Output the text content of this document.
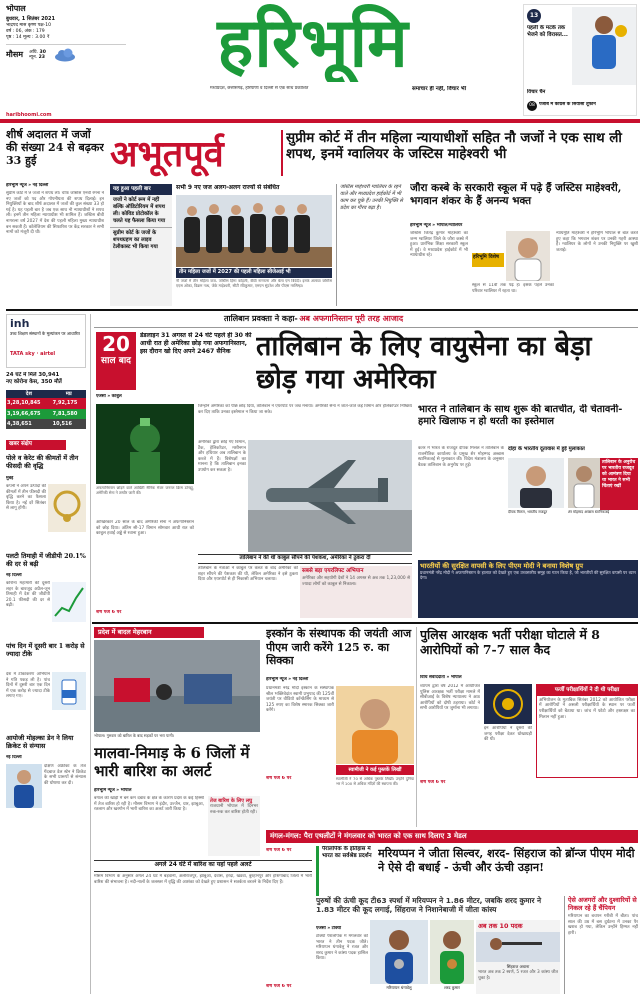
भोपाल
बुधवार, 1 सितंबर 2021
भाद्रपद मास कृष्ण पक्ष-10
वर्ष : 06, अंक : 179
पृष्ठ : 14 मूल्य : 3.00 ₹
मौसम अधि. 30
न्यून. 23	हरिभूमि
मध्यप्रदेश, छत्तीसगढ़, हरियाणा व दिल्ली से एक साथ प्रकाशित	समाचार ही नहीं, विचार भी
13
पहली के मटके तक भेजने को विरासत...
विचार चैन
08 पंजाब में कांग्रेस के सियासी तूफान
haribhoomi.com
शीर्ष अदालत में जजों की संख्या 24 से बढ़कर 33 हुई
हरिभूमि न्यूज » नई दिल्ली
सुप्रीम कोर्ट में 9 जजों ने शपथ ली। चीफ जस्टिस एनवी रमना ने नए जजों को पद और गोपनीयता की शपथ दिलाई। इन नियुक्तियों के बाद शीर्ष अदालत में जजों की कुल संख्या 33 हो गई है। यह पहली बार है जब एक साथ नौ न्यायाधीशों ने शपथ ली। इनमें तीन महिला न्यायाधीश भी शामिल हैं। जस्टिस बीवी नागरत्ना वर्ष 2027 में देश की पहली महिला मुख्य न्यायाधीश बन सकती हैं। कॉलेजियम की सिफारिश पर केंद्र सरकार ने सभी नामों को मंजूरी दी थी।
अभूतपूर्व	सुप्रीम कोर्ट में तीन महिला न्यायाधीशों सहित नौ जजों ने एक साथ ली शपथ, इनमें ग्वालियर के जस्टिस माहेश्वरी भी
यह हुआ पहली बार
जजों ने कोर्ट रूम में नहीं बल्कि ऑडिटोरियम में शपथ ली। कोविड प्रोटोकॉल के चलते यह फैसला किया गया
सुप्रीम कोर्ट के जजों के शपथग्रहण का लाइव टेलीकास्ट भी किया गया
सभी 9 नए जज अलग-अलग राज्यों से संबंधित
तीन महिला जजों में 2027 की पहली महिला सीजेआई भी
नौ जजों में तीन महिला जज- जस्टिस हिमा कोहली, बीवी नागरत्ना और बेला एम त्रिवेदी। इनके अलावा जस्टिस एएस ओका, विक्रम नाथ, जेके माहेश्वरी, सीटी रविकुमार, एमएम सुंदरेश और पीएस नरसिम्हा।
जस्टिस माहेश्वरी ग्वालियर के रहने वाले और मध्यप्रदेश हाईकोर्ट में भी काम कर चुके हैं। उनकी नियुक्ति से प्रदेश का गौरव बढ़ा है।
जौरा कस्बे के सरकारी स्कूल में पढ़े हैं जस्टिस माहेश्वरी, भगवान शंकर के हैं अनन्य भक्त
हरिभूमि न्यूज » भोपाल/ग्वालियर
जस्टिस जितेंद्र कुमार माहेश्वरी का जन्म ग्वालियर जिले के जौरा कस्बे में हुआ। प्रारंभिक शिक्षा सरकारी स्कूल में हुई। वे मध्यप्रदेश हाईकोर्ट में भी न्यायाधीश रहे।	हरिभूमि विशेष
न्यायमूर्ति माहेश्वरी ने हरिभूमि भोपाल से बात करते हुए कहा कि भगवान शंकर पर उनकी गहरी आस्था है। ग्वालियर के लोगों ने उनकी नियुक्ति पर खुशी जताई।
स्कूल से 11वीं तक पढ़े हैं। इसके पहले उनका परिवार ग्वालियर में रहता था।
inh
उच्च शिक्षण संस्थानों के मूल्यांकन पर आधारित
TATA sky · airtel
24 घंटे में मिले 30,941
नए कोरोना केस, 350 मौतें
देश	मप्र
3,28,10,845	7,92,175
3,19,66,675	7,81,580
4,38,651	10,516
खबर संक्षेप
पोले व केरेट की कीमतों में तीन फीसदी की वृद्धि
मुंबई
कंपनी ने अपने उत्पादों की कीमतों में तीन फीसदी की वृद्धि करने का फैसला किया है। नई दरें सितंबर से लागू होंगी।
पलटी तिमाही में जीडीपी 20.1% की दर से बढ़ी
नई दिल्ली
कोरोना महामारी की दूसरी लहर के बावजूद अप्रैल-जून तिमाही में देश की जीडीपी 20.1 फीसदी की दर से बढ़ी।
पांच दिन में दूसरी बार 1 करोड़ से ज्यादा टीके
देश में टीकाकरण अभियान ने गति पकड़ ली है। पांच दिनों में दूसरी बार एक दिन में एक करोड़ से ज्यादा टीके लगाए गए।
आयोजी मोहल्का डेन ने लिया क्रिकेट से संन्यास
नई दिल्ली
दक्षिण अफ्रीका के तेज गेंदबाज डेल स्टेन ने क्रिकेट के सभी प्रारूपों से संन्यास की घोषणा कर दी।
तालिबान प्रवक्ता ने कहा- अब अफगानिस्तान पूरी तरह आजाद
20
साल बाद
डेडलाइन 31 अगस्त से 24 घंटे पहले ही 30 की आधी रात ही अमेरिका छोड़ गया अफगानिस्तान, इस दौरान खो दिए अपने 2467 सैनिक तालिबान के लिए वायुसेना का बेड़ा छोड़ गया अमेरिका
एजेंसी » काबुल
अफगानिस्तान छोड़ने वाले आखिरी सैनिक मेजर जनरल क्रिस डोनह्यू, अमेरिकी सेना ने तस्वीर जारी की।
आखिरकार 20 साल के बाद अमेरिकी सेना ने अफगानिस्तान को छोड़ दिया। अंतिम सी-17 विमान सोमवार आधी रात को काबुल हवाई अड्डे से रवाना हुआ।
जिन्होंने अमेरिका को पीछे छोड़ दिया, तालिबान ने एयरपोर्ट पर जश्न मनाया। अमेरिकी सेना ने जाते-जाते कई विमान और हेलिकॉप्टर निष्क्रिय कर दिए ताकि उनका इस्तेमाल न किया जा सके।
अमेरिका द्वारा छोड़े गए विमान, टैंक, हेलिकॉप्टर, मशीनगन और हथियार अब तालिबान के कब्जे में हैं। विशेषज्ञों का मानना है कि तालिबान इनका उपयोग कर सकता है।
तालिबान ने की थी काबुल सौंपने की पेशकश, अमेरिका ने ठुकरा दी
तालिबान के नेताओं ने काबुल पर कब्जे के बाद अमेरिका को शहर सौंपने की पेशकश की थी, लेकिन अमेरिका ने इसे ठुकरा दिया और एयरपोर्ट से ही निकासी अभियान चलाया।
सबसे बड़ा एयरलिफ्ट अभियान
अमेरिका और सहयोगी देशों ने 14 अगस्त से अब तक 1,23,000 से ज्यादा लोगों को काबुल से निकाला।
भारत ने तालिबान के साथ शुरू की बातचीत, दी चेतावनी-हमारे खिलाफ न हो धरती का इस्तेमाल
दोहा के भारतीय दूतावास में हुई मुलाकात
कतर में भारत के राजदूत दीपक मित्तल ने तालिबान के राजनीतिक कार्यालय के प्रमुख शेर मोहम्मद अब्बास स्टानिकजई से मुलाकात की। विदेश मंत्रालय के अनुसार बैठक तालिबान के अनुरोध पर हुई।
तालिबान के अनुरोध पर भारतीय राजदूत को आमंत्रण दिया था भारत ने सभी चिंताएं रखीं
दीपक मित्तल, भारतीय राजदूत	शेर मोहम्मद अब्बास स्टानिकजई
भारतीयों की सुरक्षित वापसी के लिए पीएम मोदी ने बनाया विशेष ग्रुप
प्रधानमंत्री नरेंद्र मोदी ने अफगानिस्तान के हालात को देखते हुए एक उच्चस्तरीय समूह का गठन किया है, जो भारतीयों की सुरक्षित वापसी पर ध्यान देगा।
शेष पेज 6 पर
प्रदेश में बादल मेहरबान
भोपाल। गुरुवार को बारिश के बाद सड़कों पर भरा पानी।
मालवा-निमाड़ के 6 जिलों में भारी बारिश का अलर्ट
हरिभूमि न्यूज » भोपाल
बंगाल की खाड़ी में बने कम दबाव के क्षेत्र के कारण प्रदेश के कई हिस्सों में तेज बारिश हो रही है। मौसम विभाग ने इंदौर, उज्जैन, धार, झाबुआ, रतलाम और खरगोन में भारी बारिश का अलर्ट जारी किया है।
तेज बारिश के लिए लघु
राजधानी भोपाल में दिनभर रुक-रुक कर बारिश होती रही।
अगले 24 घंटे में बारिश का यहां पहले अलर्ट
मौसम विभाग के अनुसार अगले 24 घंटे में बड़वानी, अलीराजपुर, झाबुआ, देवास, हरदा, खंडवा, बुरहानपुर और होशंगाबाद जिलों में भारी बारिश की संभावना है। नदी-नालों के जलस्तर में वृद्धि की आशंका को देखते हुए प्रशासन ने सतर्कता बरतने के निर्देश दिए हैं।
शेष पेज 6 पर
इस्कॉन के संस्थापक की जयंती आज पीएम जारी करेंगे 125 रु. का सिक्का
हरिभूमि न्यूज » नई दिल्ली
प्रधानमंत्री नरेंद्र मोदी इस्कॉन के संस्थापक श्रील भक्तिवेदांत स्वामी प्रभुपाद की 125वीं जयंती पर वीडियो कॉन्फ्रेंसिंग के माध्यम से 125 रुपए का विशेष स्मारक सिक्का जारी करेंगे।
स्वामीजी ने कई पुस्तकें लिखीं
स्वामीजी ने 70 से अधिक पुस्तकें लिखीं। उन्होंने दुनिया भर में 100 से अधिक मंदिरों की स्थापना की।
शेष पेज 6 पर
पुलिस आरक्षक भर्ती परीक्षा घोटाले में 8 आरोपियों को 7-7 साल कैद
विधि संवाददाता » भोपाल
व्यापमं द्वारा वर्ष 2012 में आयोजित पुलिस आरक्षक भर्ती परीक्षा मामले में सीबीआई के विशेष न्यायालय ने आठ आरोपियों को दोषी ठहराया। कोर्ट ने सभी आरोपियों पर जुर्माना भी लगाया।
इन आरोपियों ने दूसरों की जगह परीक्षा देकर धोखाधड़ी की थी।
फर्जी परीक्षार्थियों ने दी थी परीक्षा
अभियोजन के मुताबिक सितंबर 2012 को आयोजित परीक्षा में आरोपियों ने असली परीक्षार्थियों के स्थान पर फर्जी परीक्षार्थियों को बैठाया था। जांच में फोटो और हस्ताक्षर का मिलान नहीं हुआ।
शेष पेज 6 पर
मंगल-मंगल: पैरा एथलीटों ने मंगलवार को भारत को एक साथ दिलाए 3 मेडल
पैरालंपिक के इतिहास में भारत का सर्वश्रेष्ठ प्रदर्शन मरियप्पन ने जीता सिल्वर, शरद- सिंहराज को ब्रॉन्ज पीएम मोदी ने ऐसे दी बधाई - ऊंची और ऊंची उड़ान!
पुरुषों की ऊंची कूद टी63 स्पर्धा में मरियप्पन ने 1.86 मीटर, जबकि शरद कुमार ने 1.83 मीटर की कूद लगाई, सिंहराज ने निशानेबाजी में जीता कांस्य
एजेंसी » टोक्यो
टोक्यो पैरालंपिक में मंगलवार को भारत ने तीन पदक जीते। मरियप्पन थंगावेलु ने रजत और शरद कुमार ने कांस्य पदक हासिल किया।
मरियप्पन थंगावेलु	शरद कुमार
अब तक 10 पदक
सिंहराज अधाना
भारत अब तक 2 स्वर्ण, 5 रजत और 3 कांस्य जीत चुका है।
ऐसे अजगरों और दुश्वारियों से निकल रहे हैं चैंपियन
मरियप्पन का बचपन गरीबी में बीता। पांच साल की उम्र में बस दुर्घटना में उनका पैर खराब हो गया, लेकिन उन्होंने हिम्मत नहीं हारी।
शेष पेज 6 पर
